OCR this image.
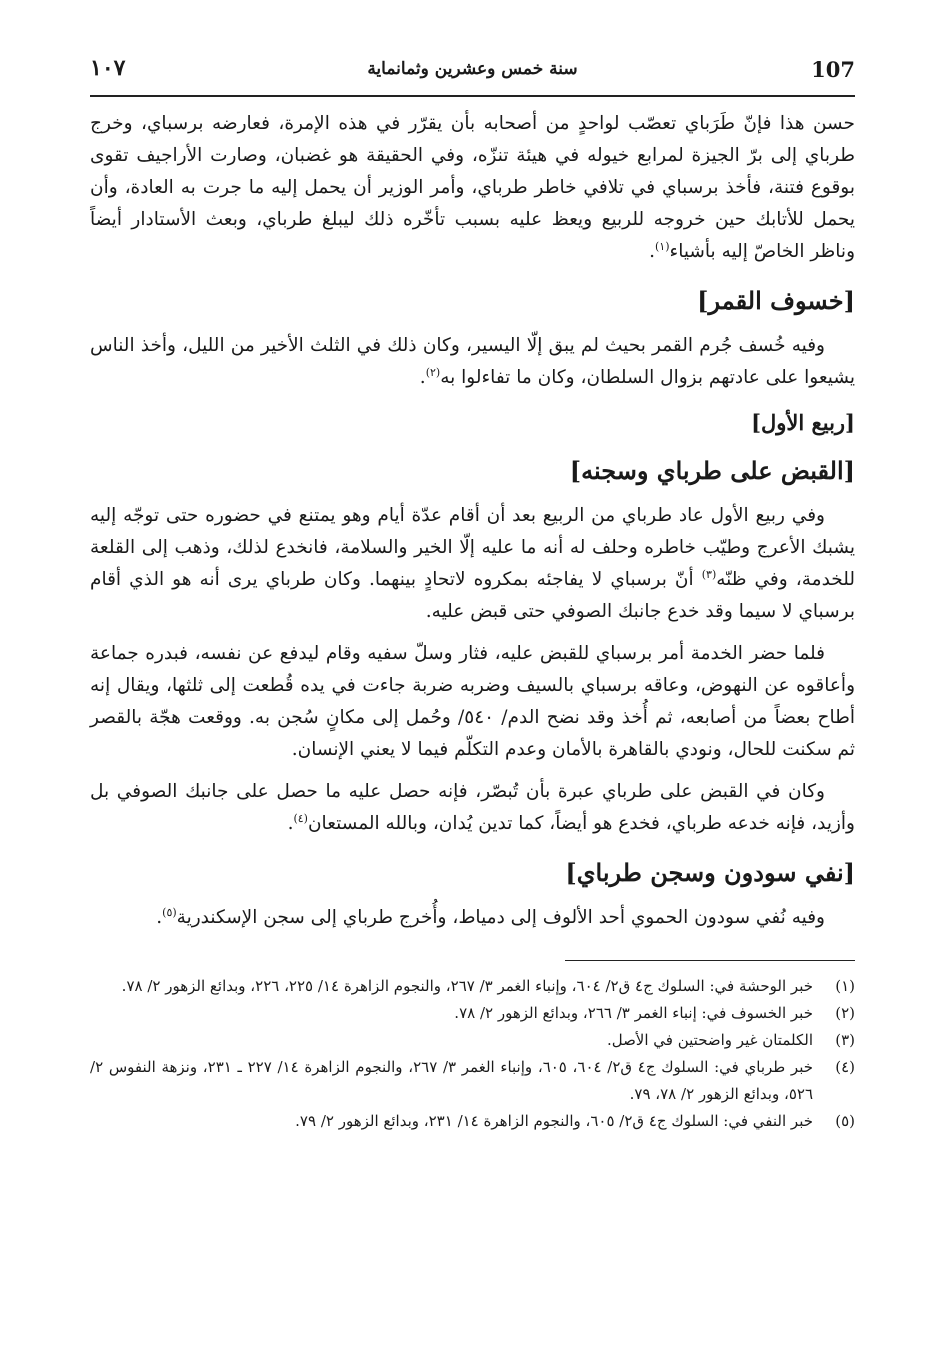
107
سنة خمس وعشرين وثمانماية
١٠٧

حسن هذا فإنّ طَرَباي تعصّب لواحدٍ من أصحابه بأن يقرّر في هذه الإمرة، فعارضه برسباي، وخرج طرباي إلى برّ الجيزة لمرابع خيوله في هيئة تنزّه، وفي الحقيقة هو غضبان، وصارت الأراجيف تقوى بوقوع فتنة، فأخذ برسباي في تلافي خاطر طرباي، وأمر الوزير أن يحمل إليه ما جرت به العادة، وأن يحمل للأتابك حين خروجه للربيع ويعظ عليه بسبب تأخّره ذلك ليبلغ طرباي، وبعث الأستادار أيضاً وناظر الخاصّ إليه بأشياء$^{(١)}$.

[خسوف القمر]

وفيه خُسف جُرم القمر بحيث لم يبق إلّا اليسير، وكان ذلك في الثلث الأخير من الليل، وأخذ الناس يشيعوا على عادتهم بزوال السلطان، وكان ما تفاءلوا به$^{(٢)}$.

[ربيع الأول]
[القبض على طرباي وسجنه]

وفي ربيع الأول عاد طرباي من الربيع بعد أن أقام عدّة أيام وهو يمتنع في حضوره حتى توجّه إليه يشبك الأعرج وطيّب خاطره وحلف له أنه ما عليه إلّا الخير والسلامة، فانخدع لذلك، وذهب إلى القلعة للخدمة، وفي ظنّه$^{(٣)}$ أنّ برسباي لا يفاجئه بمكروه لاتحادٍ بينهما. وكان طرباي يرى أنه هو الذي أقام برسباي لا سيما وقد خدع جانبك الصوفي حتى قبض عليه.

فلما حضر الخدمة أمر برسباي للقبض عليه، فثار وسلّ سفيه وقام ليدفع عن نفسه، فبدره جماعة وأعاقوه عن النهوض، وعاقه برسباي بالسيف وضربه ضربة جاءت في يده قُطعت إلى ثلثها، ويقال إنه أطاح بعضاً من أصابعه، ثم أُخذ وقد نضح الدم/ ٥٤٠/ وحُمل إلى مكانٍ سُجن به. ووقعت هجّة بالقصر ثم سكنت للحال، ونودي بالقاهرة بالأمان وعدم التكلّم فيما لا يعني الإنسان.

وكان في القبض على طرباي عبرة بأن تُبصّر، فإنه حصل عليه ما حصل على جانبك الصوفي بل وأزيد، فإنه خدعه طرباي، فخدع هو أيضاً، كما تدين يُدان، وبالله المستعان$^{(٤)}$.

[نفي سودون وسجن طرباي]

وفيه نُفي سودون الحموي أحد الألوف إلى دمياط، وأُخرج طرباي إلى سجن الإسكندرية$^{(٥)}$.

(١)
خبر الوحشة في: السلوك ج٤ ق٢/ ٦٠٤، وإنباء الغمر ٣/ ٢٦٧، والنجوم الزاهرة ١٤/ ٢٢٥، ٢٢٦، وبدائع الزهور ٢/ ٧٨.

(٢)
خبر الخسوف في: إنباء الغمر ٣/ ٢٦٦، وبدائع الزهور ٢/ ٧٨.

(٣)
الكلمتان غير واضحتين في الأصل.

(٤)
خبر طرباي في: السلوك ج٤ ق٢/ ٦٠٤، ٦٠٥، وإنباء الغمر ٣/ ٢٦٧، والنجوم الزاهرة ١٤/ ٢٢٧ ـ ٢٣١، ونزهة النفوس ٢/ ٥٢٦، وبدائع الزهور ٢/ ٧٨، ٧٩.

(٥)
خبر النفي في: السلوك ج٤ ق٢/ ٦٠٥، والنجوم الزاهرة ١٤/ ٢٣١، وبدائع الزهور ٢/ ٧٩.
